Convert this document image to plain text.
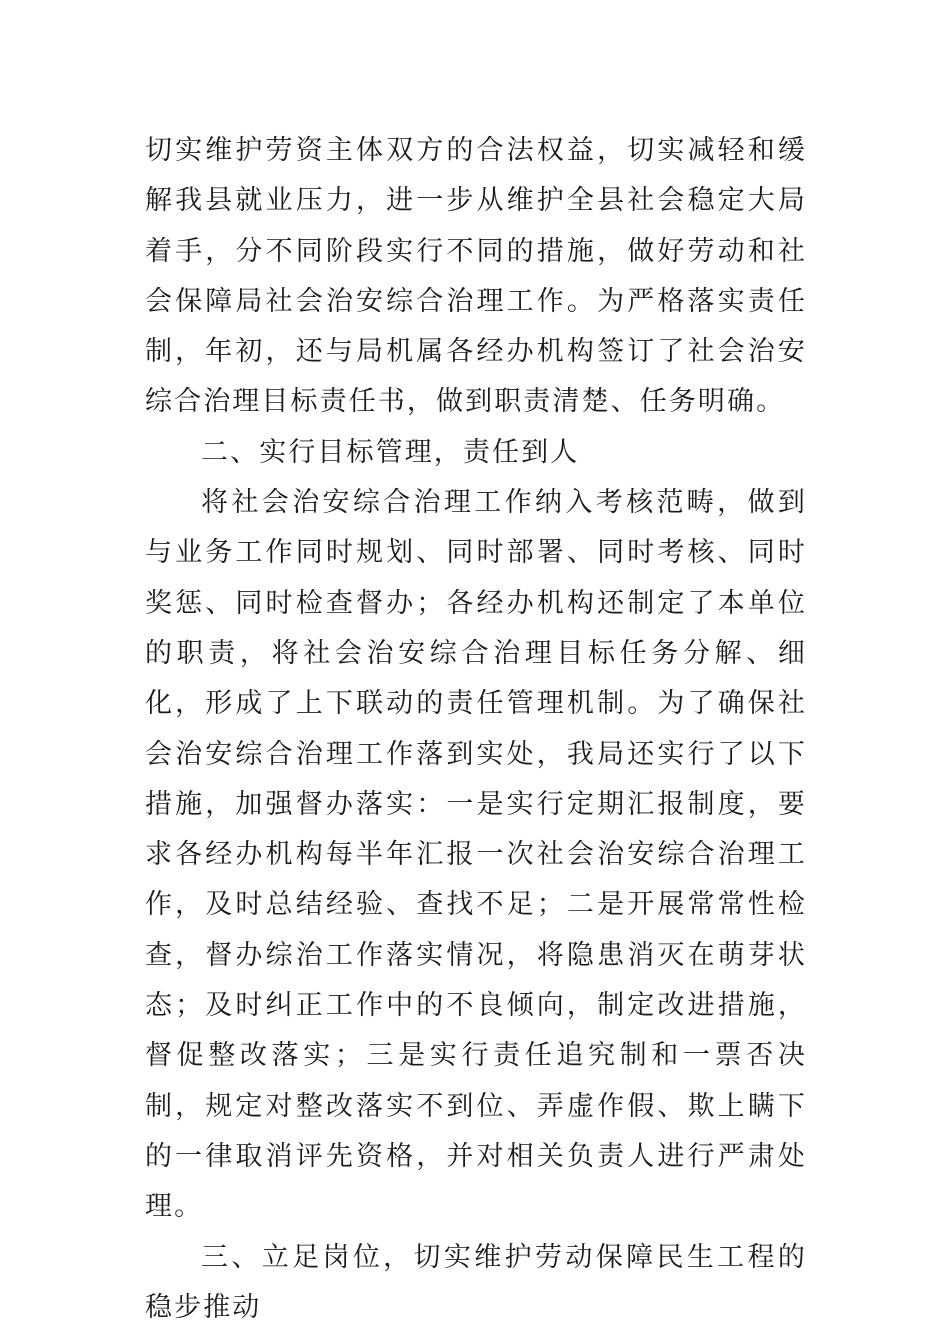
切实维护劳资主体双方的合法权益，切实减轻和缓解我县就业压力，进一步从维护全县社会稳定大局着手，分不同阶段实行不同的措施，做好劳动和社会保障局社会治安综合治理工作。为严格落实责任制，年初，还与局机属各经办机构签订了社会治安综合治理目标责任书，做到职责清楚、任务明确。

二、实行目标管理，责任到人

将社会治安综合治理工作纳入考核范畴，做到与业务工作同时规划、同时部署、同时考核、同时奖惩、同时检查督办；各经办机构还制定了本单位的职责，将社会治安综合治理目标任务分解、细化，形成了上下联动的责任管理机制。为了确保社会治安综合治理工作落到实处，我局还实行了以下措施，加强督办落实：一是实行定期汇报制度，要求各经办机构每半年汇报一次社会治安综合治理工作，及时总结经验、查找不足；二是开展常常性检查，督办综治工作落实情况，将隐患消灭在萌芽状态；及时纠正工作中的不良倾向，制定改进措施，督促整改落实；三是实行责任追究制和一票否决制，规定对整改落实不到位、弄虚作假、欺上瞒下的一律取消评先资格，并对相关负责人进行严肃处理。

三、立足岗位，切实维护劳动保障民生工程的稳步推动
